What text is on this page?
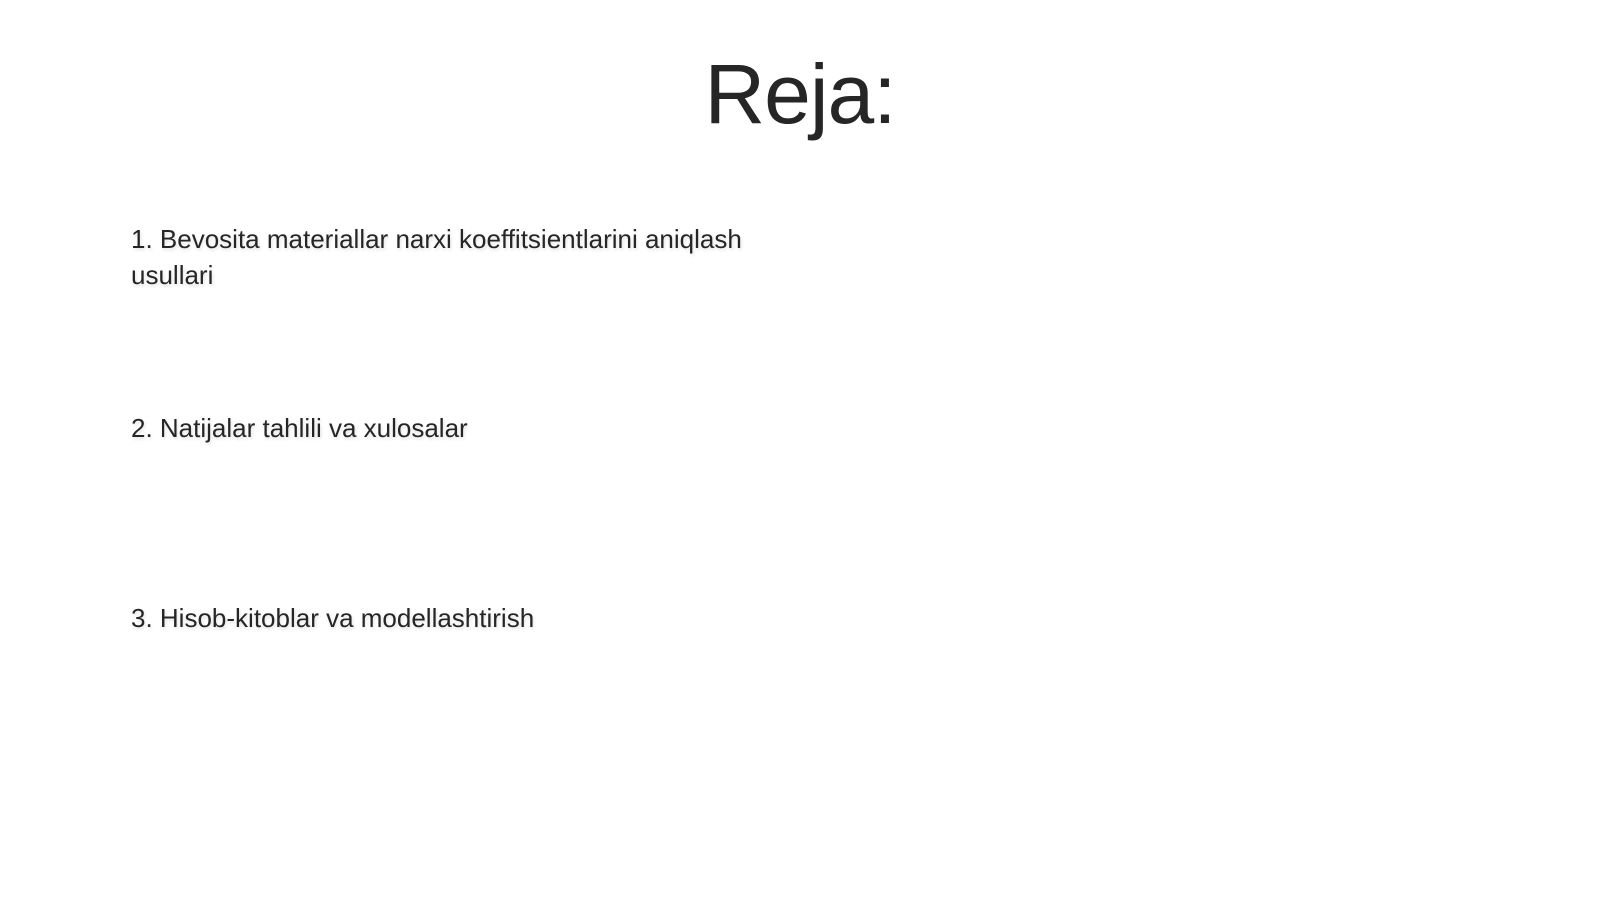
Reja:
1. Bevosita materiallar narxi koeffitsientlarini aniqlash usullari
2. Natijalar tahlili va xulosalar
3. Hisob-kitoblar va modellashtirish
